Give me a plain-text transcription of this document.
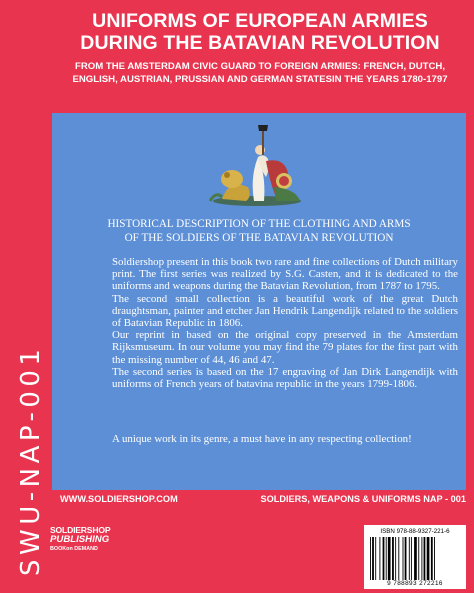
UNIFORMS OF EUROPEAN ARMIES
DURING THE BATAVIAN REVOLUTION
FROM THE AMSTERDAM CIVIC GUARD TO FOREIGN ARMIES: FRENCH, DUTCH,
ENGLISH, AUSTRIAN, PRUSSIAN AND GERMAN STATESIN THE YEARS 1780-1797
SWU-NAP-001
HISTORICAL DESCRIPTION OF THE CLOTHING AND ARMS
OF THE SOLDIERS OF THE BATAVIAN REVOLUTION

Soldiershop present in this book two rare and fine collections of Dutch military print. The first series was realized by S.G. Casten, and it is dedicated to the uniforms and weapons during the Batavian Revolution, from 1787 to 1795.

The second small collection is a beautiful work of the great Dutch draughtsman, painter and etcher Jan Hendrik Langendijk related to the soldiers of Batavian Republic in 1806.

Our reprint in based on the original copy preserved in the Amsterdam Rijksmuseum. In our volume you may find the 79 plates for the first part with the missing number of 44, 46 and 47.

The second series is based on the 17 engraving of Jan Dirk Langendijk with uniforms of French years of batavina republic in the years 1799-1806.

A unique work in its genre, a must have in any respecting collection!
WWW.SOLDIERSHOP.COM	SOLDIERS, WEAPONS & UNIFORMS NAP - 001
SOLDIERSHOP
PUBLISHING
BOOKon DEMAND
ISBN 978-88-9327-221-6
9 788893 272216
